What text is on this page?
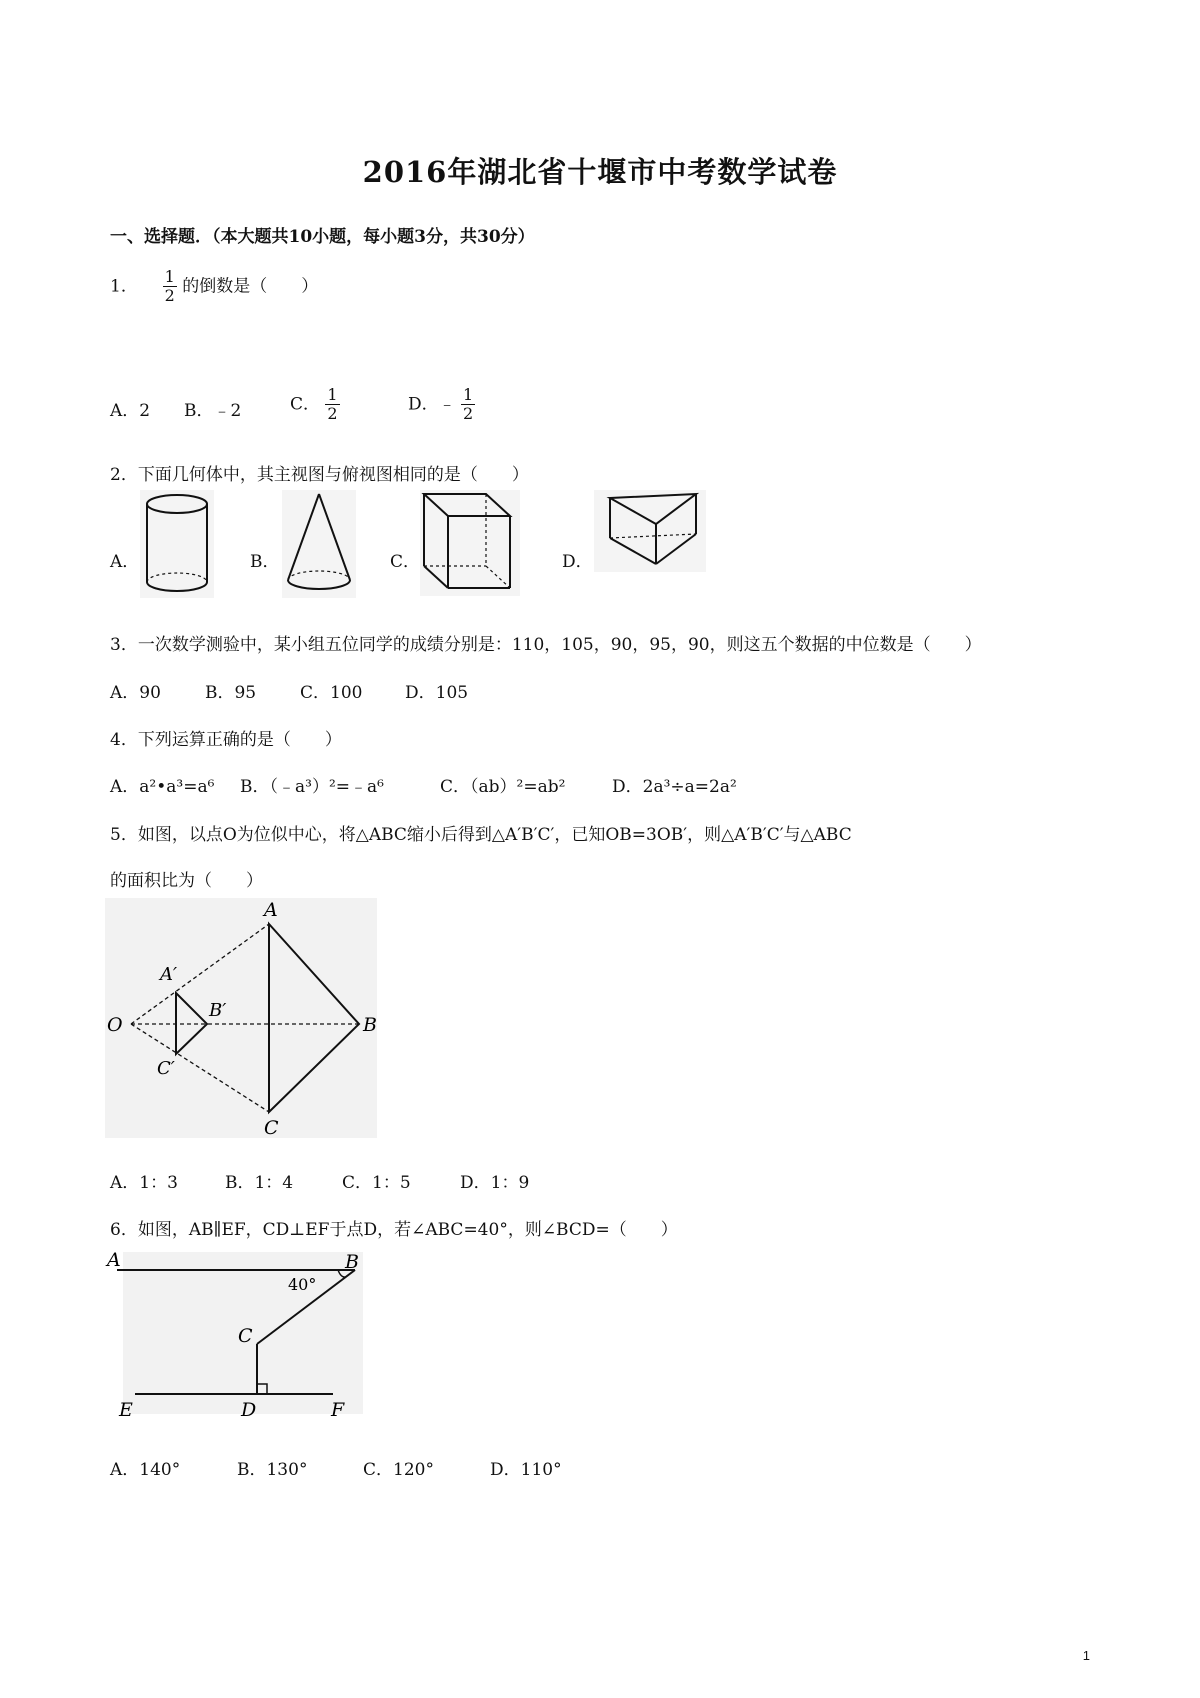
2016年湖北省十堰市中考数学试卷
一、选择题．（本大题共10小题，每小题3分，共30分）
1． $\frac{1}{2}$ 的倒数是（　　）
A．2 B．﹣2	C． $\frac{1}{2}$	D．﹣ $\frac{1}{2}$
2．下面几何体中，其主视图与俯视图相同的是（　　）
A．	B．	C．	D．
3．一次数学测验中，某小组五位同学的成绩分别是：110，105，90，95，90，则这五个数据的中位数是（　　）
A．90	B．95	C．100	D．105
4．下列运算正确的是（　　）
A．a²•a³=a⁶ B．（﹣a³）²=﹣a⁶	C．（ab）²=ab²	D．2a³÷a=2a²
5．如图，以点O为位似中心，将△ABC缩小后得到△A′B′C′，已知OB=3OB′，则△A′B′C′与△ABC
的面积比为（　　）
A
B
C
O
A′
B′
C′
A．1：3	B．1：4	C．1：5	D．1：9
6．如图，AB∥EF，CD⊥EF于点D，若∠ABC=40°，则∠BCD=（　　）
A	B
40°
C
E	D	F
A．140°	B．130°	C．120°	D．110°
1
